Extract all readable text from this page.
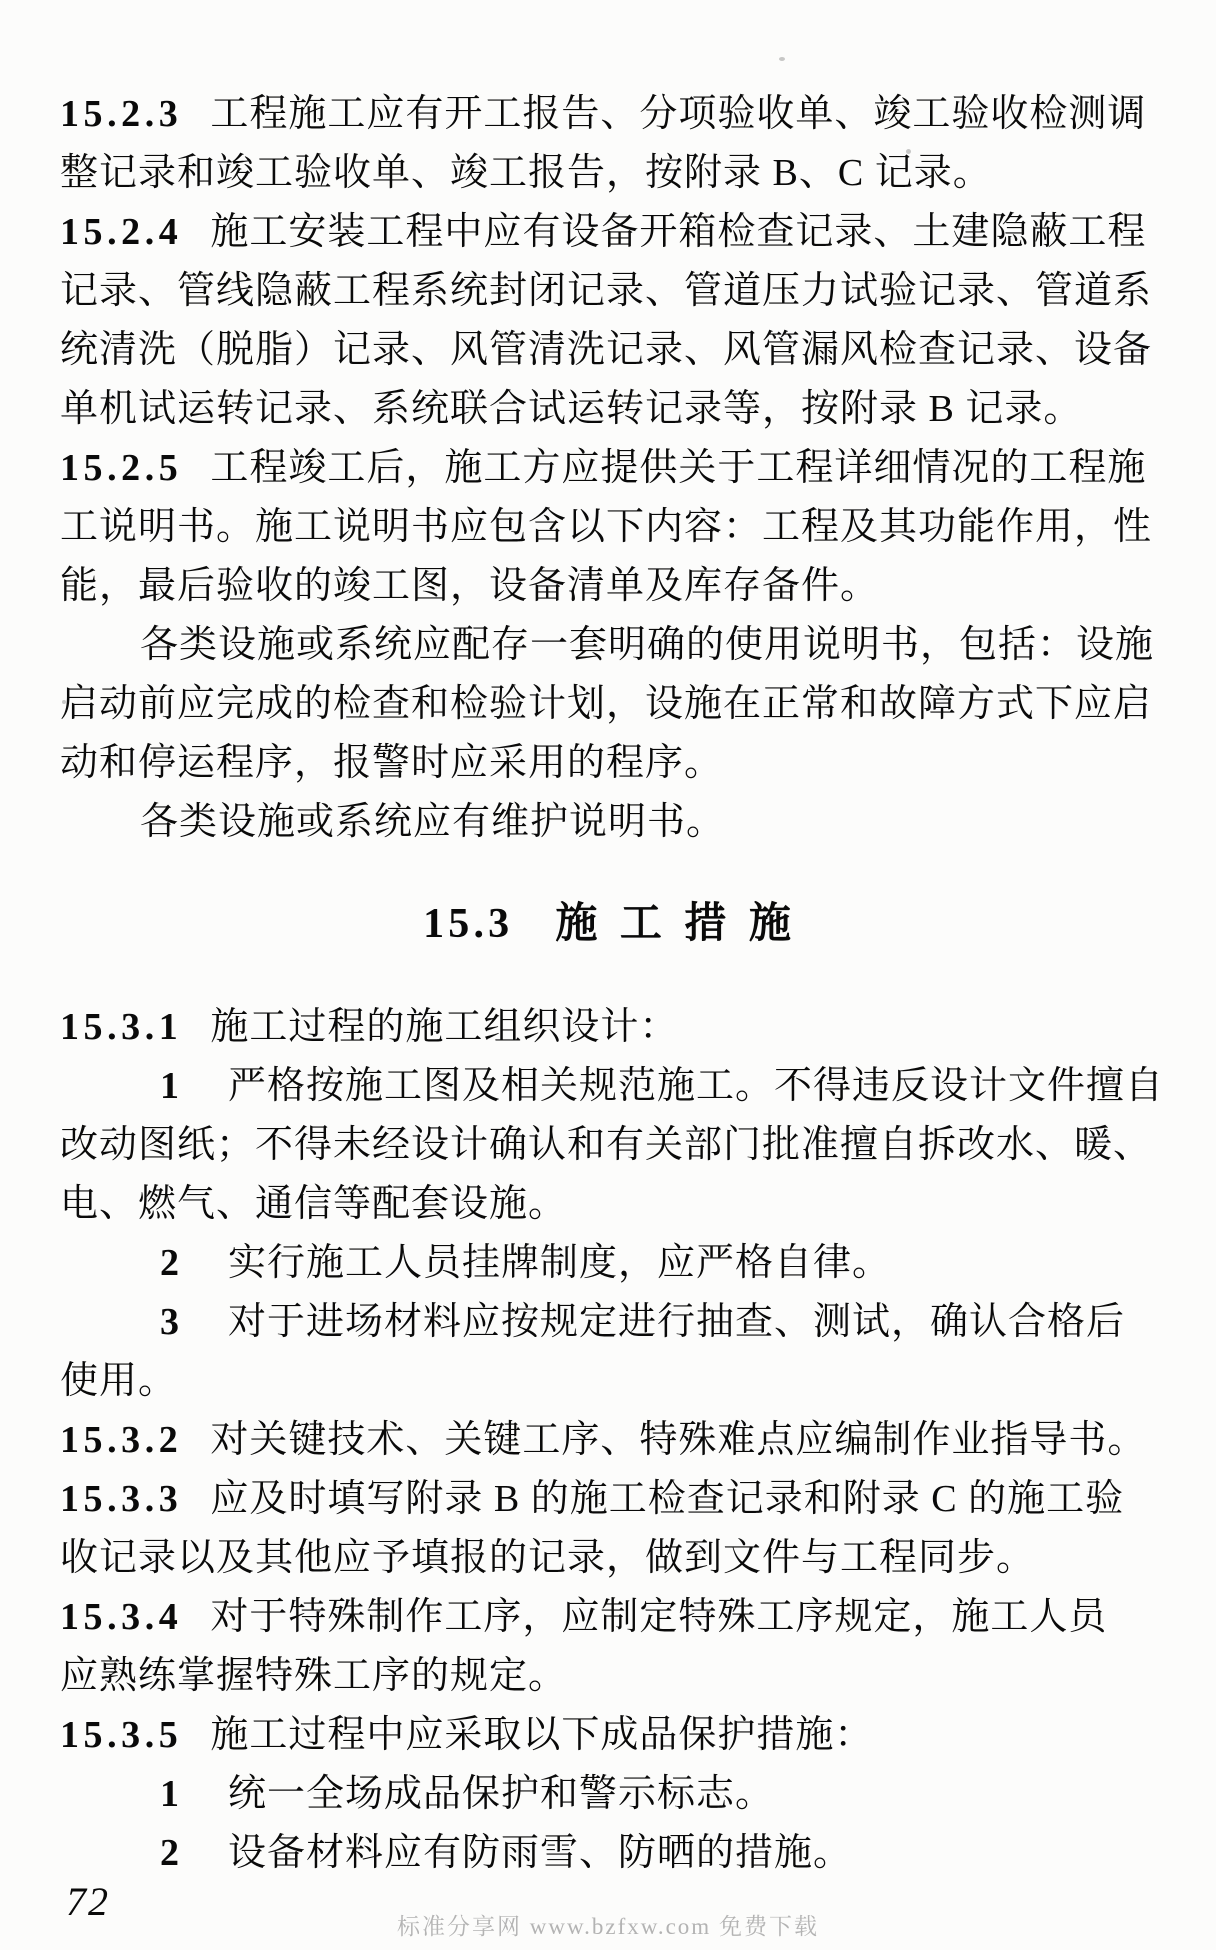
15.2.3 工程施工应有开工报告、分项验收单、竣工验收检测调
整记录和竣工验收单、竣工报告，按附录 B、C 记录。
15.2.4 施工安装工程中应有设备开箱检查记录、土建隐蔽工程
记录、管线隐蔽工程系统封闭记录、管道压力试验记录、管道系
统清洗（脱脂）记录、风管清洗记录、风管漏风检查记录、设备
单机试运转记录、系统联合试运转记录等，按附录 B 记录。
15.2.5 工程竣工后，施工方应提供关于工程详细情况的工程施
工说明书。施工说明书应包含以下内容：工程及其功能作用，性
能，最后验收的竣工图，设备清单及库存备件。
各类设施或系统应配存一套明确的使用说明书，包括：设施
启动前应完成的检查和检验计划，设施在正常和故障方式下应启
动和停运程序，报警时应采用的程序。
各类设施或系统应有维护说明书。
15.3 施 工 措 施
15.3.1 施工过程的施工组织设计：
1 严格按施工图及相关规范施工。不得违反设计文件擅自
改动图纸；不得未经设计确认和有关部门批准擅自拆改水、暖、
电、燃气、通信等配套设施。
2 实行施工人员挂牌制度，应严格自律。
3 对于进场材料应按规定进行抽查、测试，确认合格后
使用。
15.3.2 对关键技术、关键工序、特殊难点应编制作业指导书。
15.3.3 应及时填写附录 B 的施工检查记录和附录 C 的施工验
收记录以及其他应予填报的记录，做到文件与工程同步。
15.3.4 对于特殊制作工序，应制定特殊工序规定，施工人员
应熟练掌握特殊工序的规定。
15.3.5 施工过程中应采取以下成品保护措施：
1 统一全场成品保护和警示标志。
2 设备材料应有防雨雪、防晒的措施。
72
标准分享网 www.bzfxw.com 免费下载
